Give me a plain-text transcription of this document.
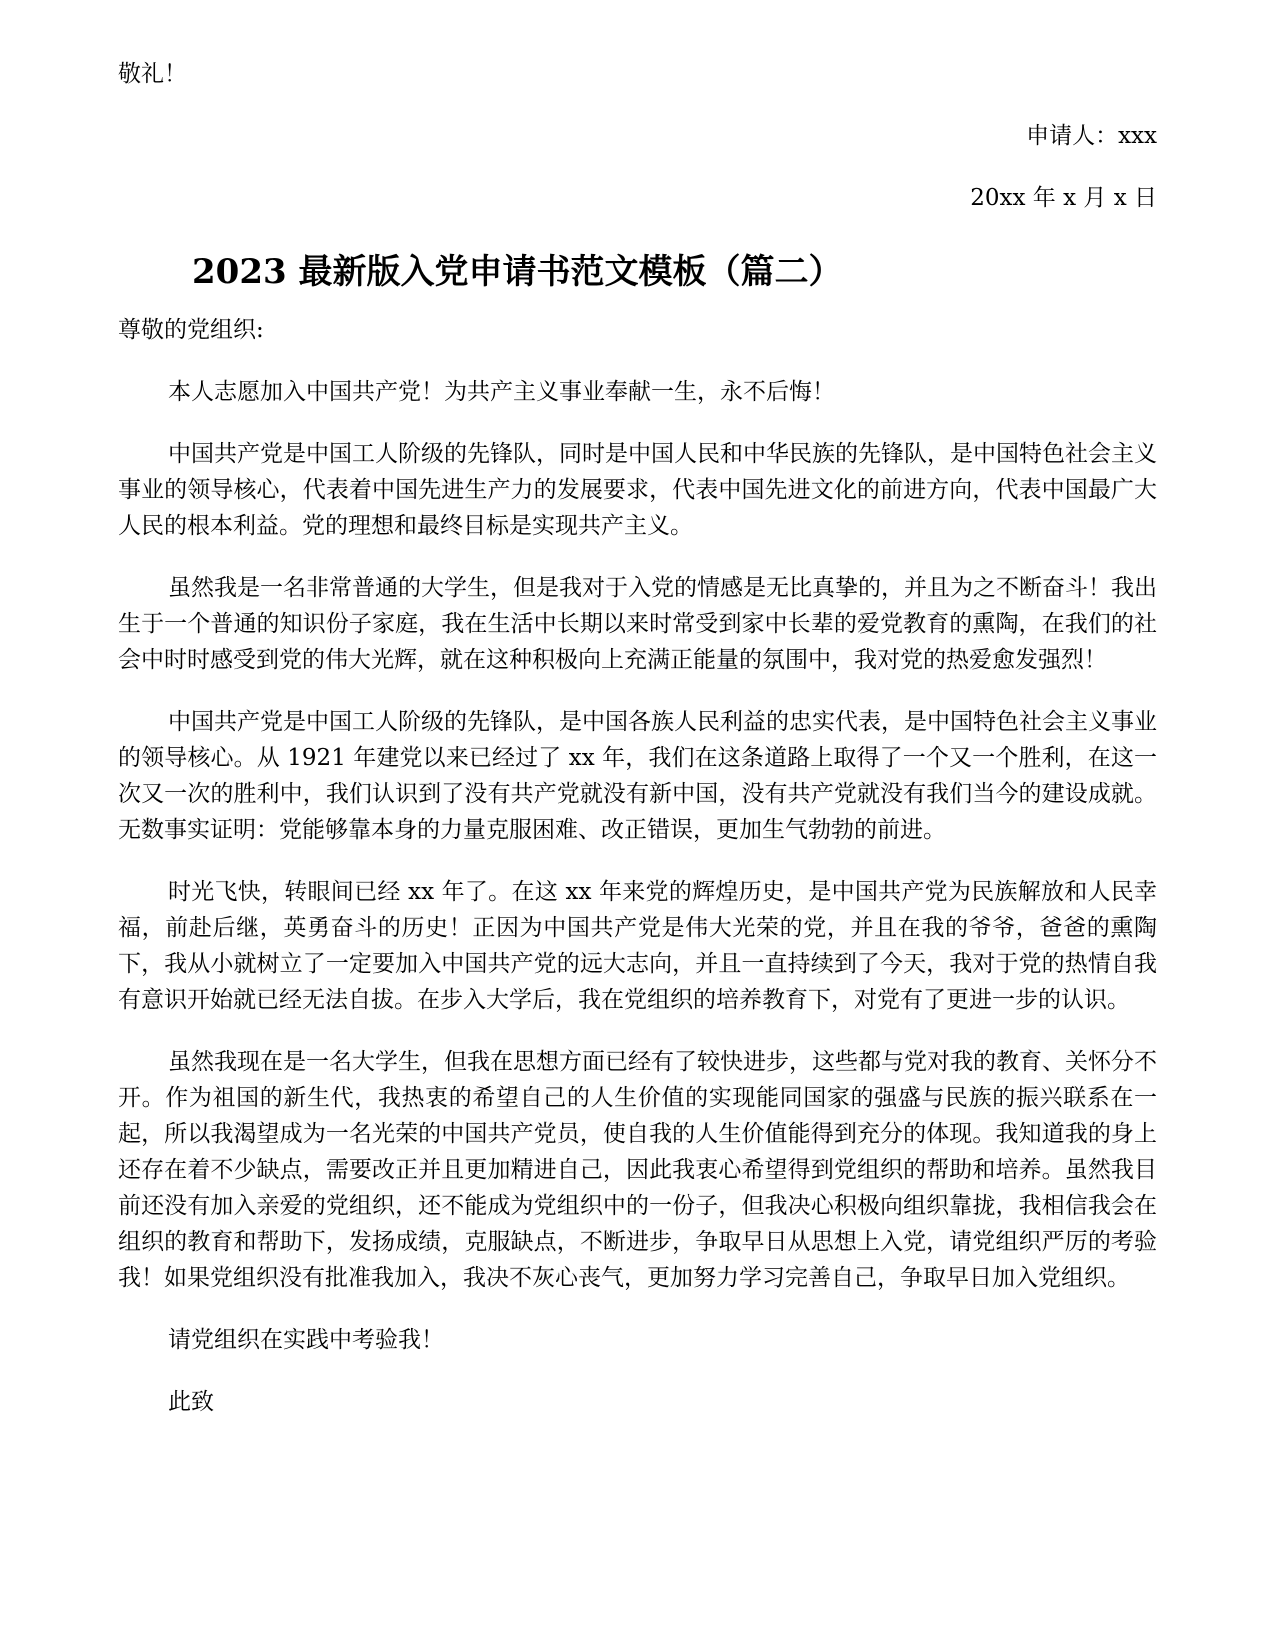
敬礼！

申请人：xxx

20xx 年 x 月 x 日

2023 最新版入党申请书范文模板（篇二）

尊敬的党组织:

本人志愿加入中国共产党！为共产主义事业奉献一生，永不后悔！

中国共产党是中国工人阶级的先锋队，同时是中国人民和中华民族的先锋队，是中国特色社会主义事业的领导核心，代表着中国先进生产力的发展要求，代表中国先进文化的前进方向，代表中国最广大人民的根本利益。党的理想和最终目标是实现共产主义。

虽然我是一名非常普通的大学生，但是我对于入党的情感是无比真挚的，并且为之不断奋斗！我出生于一个普通的知识份子家庭，我在生活中长期以来时常受到家中长辈的爱党教育的熏陶，在我们的社会中时时感受到党的伟大光辉，就在这种积极向上充满正能量的氛围中，我对党的热爱愈发强烈！

中国共产党是中国工人阶级的先锋队，是中国各族人民利益的忠实代表，是中国特色社会主义事业的领导核心。从 1921 年建党以来已经过了 xx 年，我们在这条道路上取得了一个又一个胜利，在这一次又一次的胜利中，我们认识到了没有共产党就没有新中国，没有共产党就没有我们当今的建设成就。无数事实证明：党能够靠本身的力量克服困难、改正错误，更加生气勃勃的前进。

时光飞快，转眼间已经 xx 年了。在这 xx 年来党的辉煌历史，是中国共产党为民族解放和人民幸福，前赴后继，英勇奋斗的历史！正因为中国共产党是伟大光荣的党，并且在我的爷爷，爸爸的熏陶下，我从小就树立了一定要加入中国共产党的远大志向，并且一直持续到了今天，我对于党的热情自我有意识开始就已经无法自拔。在步入大学后，我在党组织的培养教育下，对党有了更进一步的认识。

虽然我现在是一名大学生，但我在思想方面已经有了较快进步，这些都与党对我的教育、关怀分不开。作为祖国的新生代，我热衷的希望自己的人生价值的实现能同国家的强盛与民族的振兴联系在一起，所以我渴望成为一名光荣的中国共产党员，使自我的人生价值能得到充分的体现。我知道我的身上还存在着不少缺点，需要改正并且更加精进自己，因此我衷心希望得到党组织的帮助和培养。虽然我目前还没有加入亲爱的党组织，还不能成为党组织中的一份子，但我决心积极向组织靠拢，我相信我会在组织的教育和帮助下，发扬成绩，克服缺点，不断进步，争取早日从思想上入党，请党组织严厉的考验我！如果党组织没有批准我加入，我决不灰心丧气，更加努力学习完善自己，争取早日加入党组织。

请党组织在实践中考验我！

此致
